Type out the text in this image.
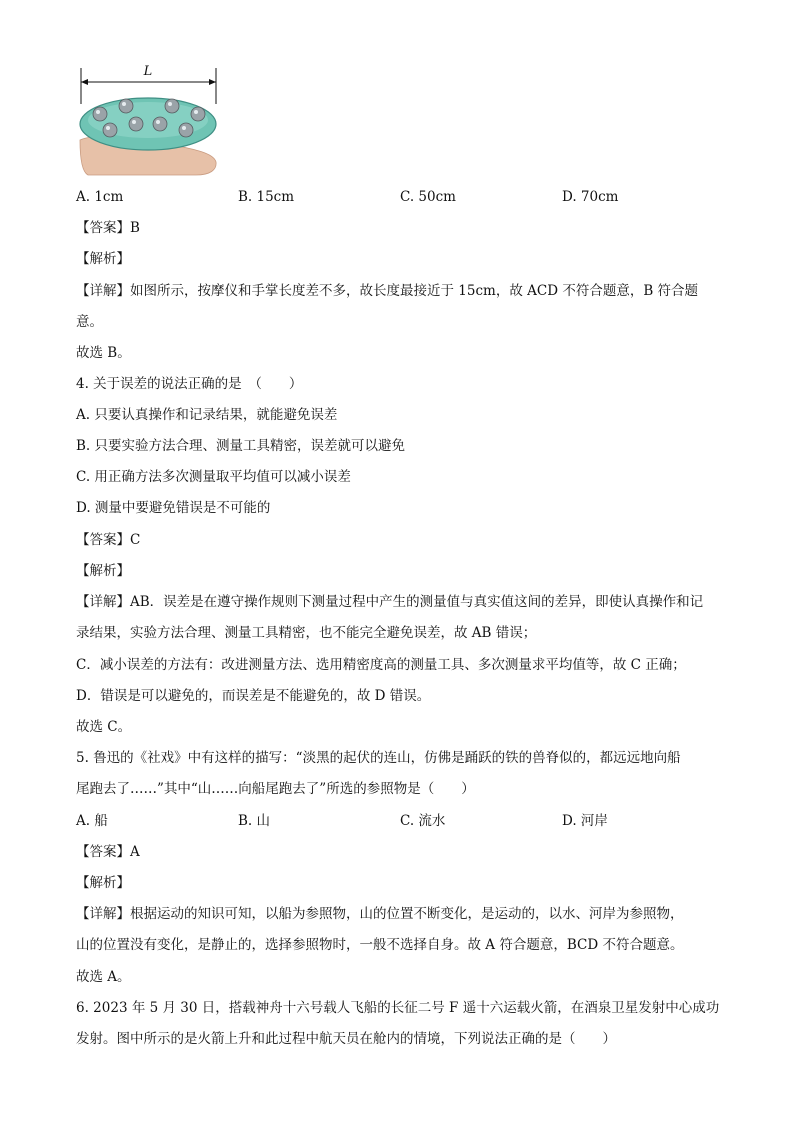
L
A. 1cm	B. 15cm	C. 50cm	D. 70cm
【答案】B
【解析】
【详解】如图所示，按摩仪和手掌长度差不多，故长度最接近于 15cm，故 ACD 不符合题意，B 符合题
意。
故选 B。
4. 关于误差的说法正确的是　（　　）
A. 只要认真操作和记录结果，就能避免误差
B. 只要实验方法合理、测量工具精密，误差就可以避免
C. 用正确方法多次测量取平均值可以减小误差
D. 测量中要避免错误是不可能的
【答案】C
【解析】
【详解】AB．误差是在遵守操作规则下测量过程中产生的测量值与真实值这间的差异，即使认真操作和记
录结果，实验方法合理、测量工具精密，也不能完全避免误差，故 AB 错误；
C．减小误差的方法有：改进测量方法、选用精密度高的测量工具、多次测量求平均值等，故 C 正确；
D．错误是可以避免的，而误差是不能避免的，故 D 错误。
故选 C。
5. 鲁迅的《社戏》中有这样的描写：“淡黑的起伏的连山，仿佛是踊跃的铁的兽脊似的，都远远地向船
尾跑去了……”其中“山……向船尾跑去了”所选的参照物是（　　）
A. 船	B. 山	C. 流水	D. 河岸
【答案】A
【解析】
【详解】根据运动的知识可知，以船为参照物，山的位置不断变化，是运动的，以水、河岸为参照物，
山的位置没有变化，是静止的，选择参照物时，一般不选择自身。故 A 符合题意，BCD 不符合题意。
故选 A。
6. 2023 年 5 月 30 日，搭载神舟十六号载人飞船的长征二号 F 遥十六运载火箭，在酒泉卫星发射中心成功
发射。图中所示的是火箭上升和此过程中航天员在舱内的情境，下列说法正确的是（　　）
